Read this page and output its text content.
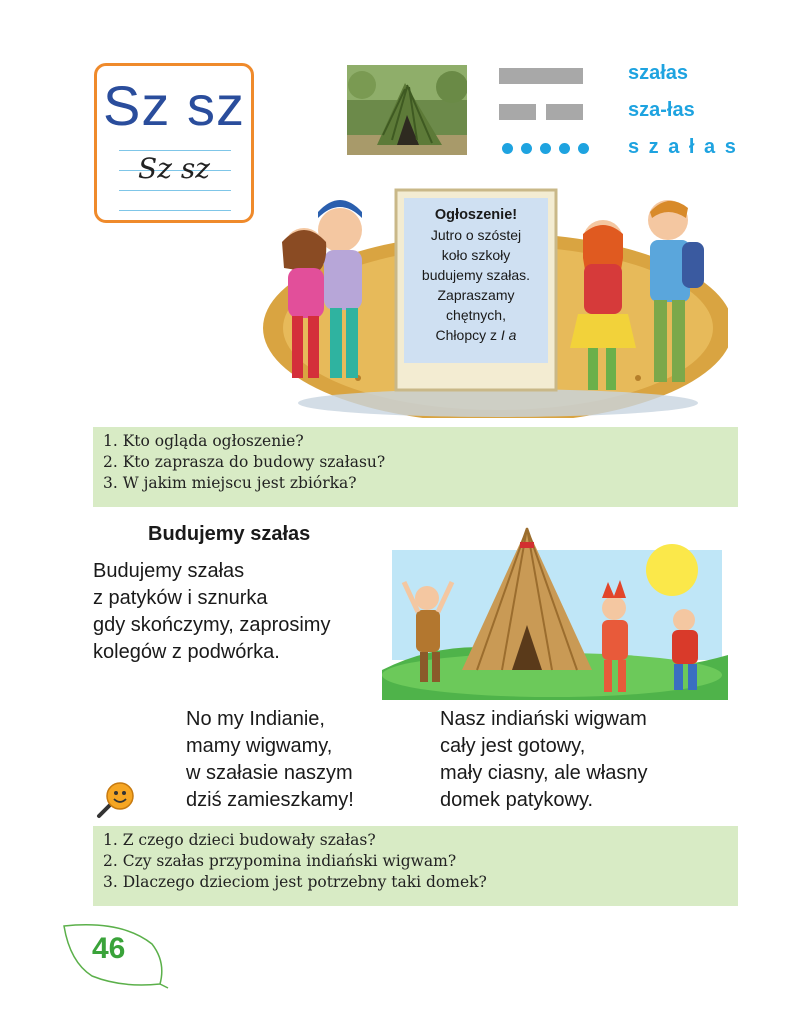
Sz sz
Sz sz
szałas
sza-łas
s z a ł a s
Ogłoszenie!
Jutro o szóstej
koło szkoły
budujemy szałas.
Zapraszamy
chętnych,
Chłopcy z I a
1. Kto ogląda ogłoszenie?
2. Kto zaprasza do budowy szałasu?
3. W jakim miejscu jest zbiórka?
Budujemy szałas
Budujemy szałas
z patyków i sznurka
gdy skończymy, zaprosimy
kolegów z podwórka.
No my Indianie,
mamy wigwamy,
w szałasie naszym
dziś zamieszkamy!
Nasz indiański wigwam
cały jest gotowy,
mały ciasny, ale własny
domek patykowy.
1. Z czego dzieci budowały szałas?
2. Czy szałas przypomina indiański wigwam?
3. Dlaczego dzieciom jest potrzebny taki domek?
46
